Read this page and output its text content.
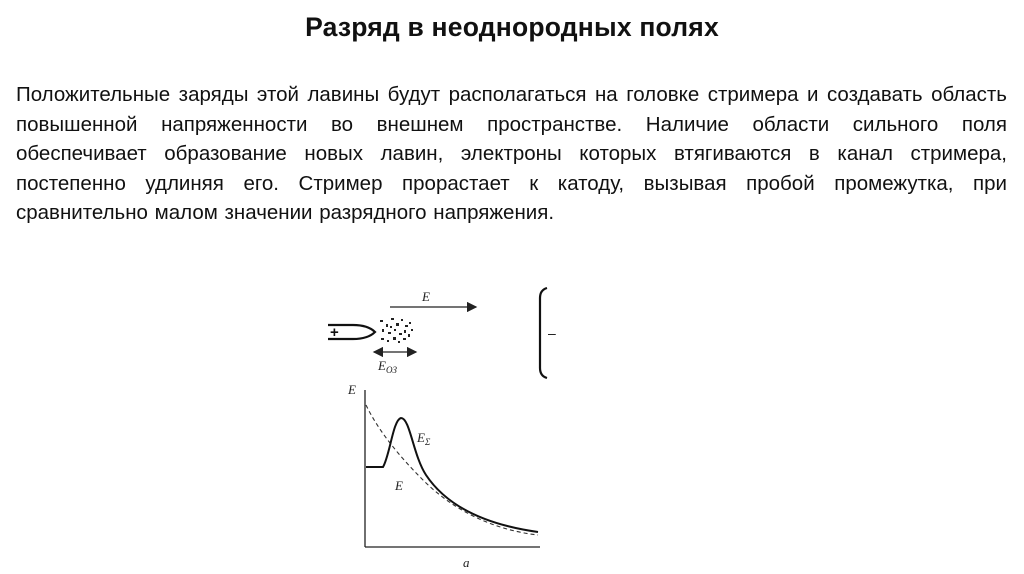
Разряд в неоднородных полях
Положительные заряды этой лавины будут располагаться на головке стримера и создавать область повышенной напряженности во внешнем пространстве. Наличие области сильного поля обеспечивает образование новых лавин, электроны которых втягиваются в канал стримера, постепенно удлиняя его. Стример прорастает к катоду, вызывая пробой промежутка, при сравнительно малом значении разрядного напряжения.
E
+
$E_{ОЗ}$
–
E
a
$E_\Sigma$
E
